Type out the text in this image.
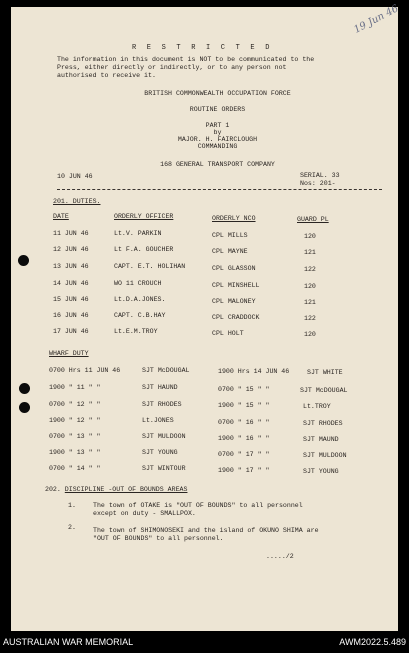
19 Jun 46
R E S T R I C T E D
The information in this document is NOT to be communicated to the
Press, either directly or indirectly, or to any person not
authorised to receive it.
BRITISH COMMONWEALTH OCCUPATION FORCE
ROUTINE ORDERS
PART 1
by
MAJOR. H. FAIRCLOUGH
COMMANDING
168 GENERAL TRANSPORT COMPANY
10 JUN 46	SERIAL. 33
Nos: 201-
201. DUTIES.
DATE	ORDERLY OFFICER	ORDERLY NCO	GUARD PL
11 JUN 46	Lt.V. PARKIN	CPL MILLS	120
12 JUN 46	Lt F.A. GOUCHER	CPL MAYNE	121
13 JUN 46	CAPT. E.T. HOLIHAN	CPL GLASSON	122
14 JUN 46	WO 11 CROUCH	CPL MINSHELL	120
15 JUN 46	Lt.D.A.JONES.	CPL MALONEY	121
16 JUN 46	CAPT. C.B.HAY	CPL CRADDOCK	122
17 JUN 46	Lt.E.M.TROY	CPL HOLT	120
WHARF DUTY
0700 Hrs 11 JUN 46	SJT McDOUGAL	1900 Hrs 14 JUN 46	SJT WHITE
1900 " 11 " "	SJT HAUND	0700 " 15 " "	SJT McDOUGAL
0700 " 12 " "	SJT RHODES	1900 " 15 " "	Lt.TROY
1900 " 12 " "	Lt.JONES	0700 " 16 " "	SJT RHODES
0700 " 13 " "	SJT MULDOON	1900 " 16 " "	SJT MAUND
1900 " 13 " "	SJT YOUNG	0700 " 17 " "	SJT MULDOON
0700 " 14 " "	SJT WINTOUR	1900 " 17 " "	SJT YOUNG
202. DISCIPLINE -OUT OF BOUNDS AREAS
1.	The town of OTAKE is "OUT OF BOUNDS" to all personnel
except on duty - SMALLPOX.
2.	The town of SHIMONOSEKI and the island of OKUNO SHIMA are
"OUT OF BOUNDS" to all personnel.
...../2
AUSTRALIAN WAR MEMORIAL	AWM2022.5.489
